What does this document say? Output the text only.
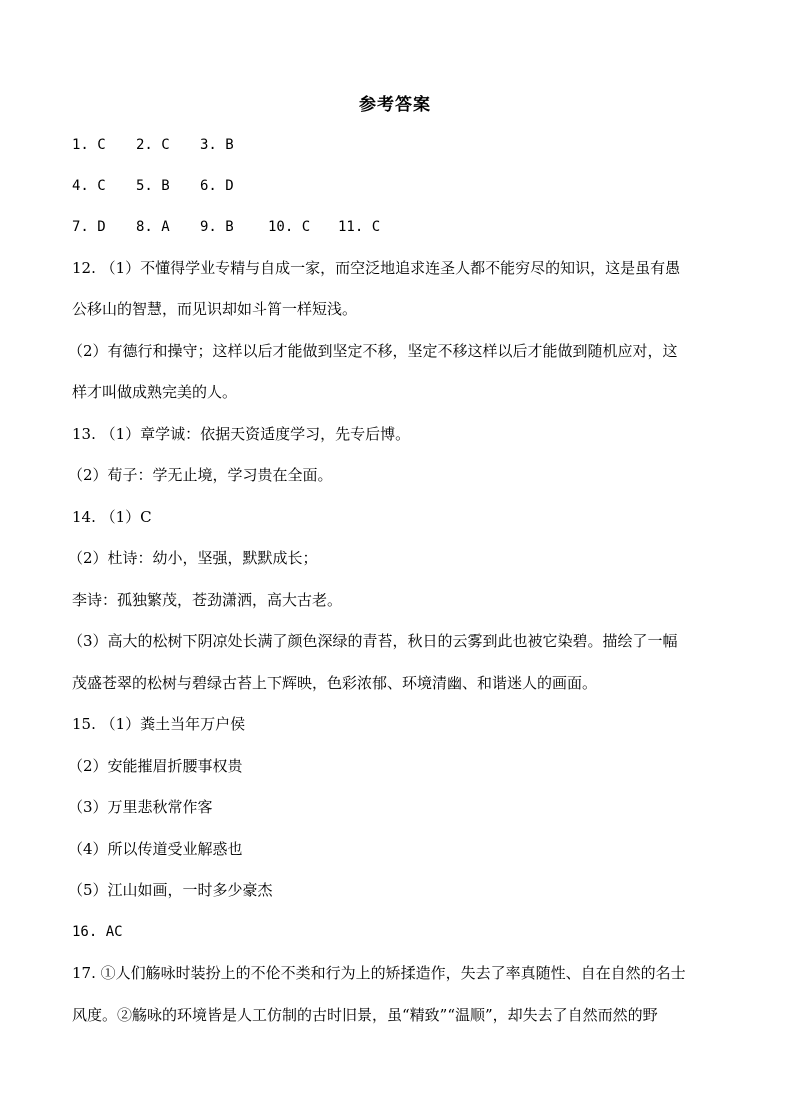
参考答案
1. C 2. C 3. B
4. C 5. B 6. D
7. D 8. A 9. B 10. C 11. C
12. （1）不懂得学业专精与自成一家，而空泛地追求连圣人都不能穷尽的知识，这是虽有愚
公移山的智慧，而见识却如斗筲一样短浅。
（2）有德行和操守；这样以后才能做到坚定不移，坚定不移这样以后才能做到随机应对，这
样才叫做成熟完美的人。
13. （1）章学诚：依据天资适度学习，先专后博。
（2）荀子：学无止境，学习贵在全面。
14. （1）C
（2）杜诗：幼小，坚强，默默成长；
李诗：孤独繁茂，苍劲潇洒，高大古老。
（3）高大的松树下阴凉处长满了颜色深绿的青苔，秋日的云雾到此也被它染碧。描绘了一幅
茂盛苍翠的松树与碧绿古苔上下辉映，色彩浓郁、环境清幽、和谐迷人的画面。
15. （1）粪土当年万户侯
（2）安能摧眉折腰事权贵
（3）万里悲秋常作客
（4）所以传道受业解惑也
（5）江山如画，一时多少豪杰
16. AC
17. ①人们觞咏时装扮上的不伦不类和行为上的矫揉造作，失去了率真随性、自在自然的名士
风度。②觞咏的环境皆是人工仿制的古时旧景，虽“精致”“温顺”，却失去了自然而然的野
